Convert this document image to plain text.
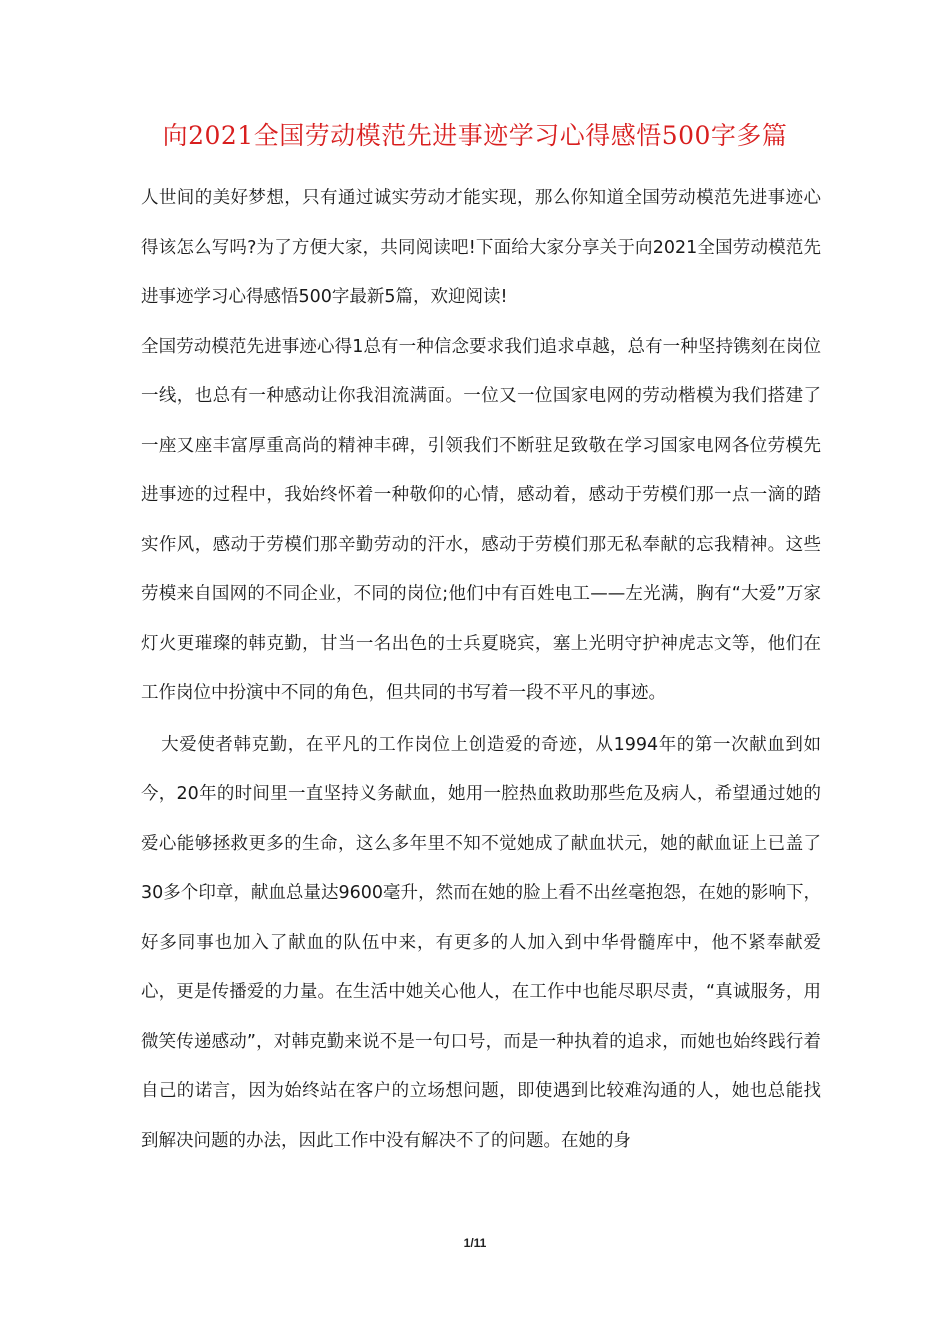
向2021全国劳动模范先进事迹学习心得感悟500字多篇

人世间的美好梦想，只有通过诚实劳动才能实现，那么你知道全国劳动模范先进事迹心得该怎么写吗?为了方便大家，共同阅读吧!下面给大家分享关于向2021全国劳动模范先进事迹学习心得感悟500字最新5篇，欢迎阅读!

全国劳动模范先进事迹心得1总有一种信念要求我们追求卓越，总有一种坚持镌刻在岗位一线，也总有一种感动让你我泪流满面。一位又一位国家电网的劳动楷模为我们搭建了一座又座丰富厚重高尚的精神丰碑，引领我们不断驻足致敬在学习国家电网各位劳模先进事迹的过程中，我始终怀着一种敬仰的心情，感动着，感动于劳模们那一点一滴的踏实作风，感动于劳模们那辛勤劳动的汗水，感动于劳模们那无私奉献的忘我精神。这些劳模来自国网的不同企业，不同的岗位;他们中有百姓电工——左光满，胸有“大爱”万家灯火更璀璨的韩克勤，甘当一名出色的士兵夏晓宾，塞上光明守护神虎志文等，他们在工作岗位中扮演中不同的角色，但共同的书写着一段不平凡的事迹。

大爱使者韩克勤，在平凡的工作岗位上创造爱的奇迹，从1994年的第一次献血到如今，20年的时间里一直坚持义务献血，她用一腔热血救助那些危及病人，希望通过她的爱心能够拯救更多的生命，这么多年里不知不觉她成了献血状元，她的献血证上已盖了30多个印章，献血总量达9600毫升，然而在她的脸上看不出丝毫抱怨，在她的影响下，好多同事也加入了献血的队伍中来，有更多的人加入到中华骨髓库中，他不紧奉献爱心，更是传播爱的力量。在生活中她关心他人，在工作中也能尽职尽责，“真诚服务，用微笑传递感动”，对韩克勤来说不是一句口号，而是一种执着的追求，而她也始终践行着自己的诺言，因为始终站在客户的立场想问题，即使遇到比较难沟通的人，她也总能找到解决问题的办法，因此工作中没有解决不了的问题。在她的身

1/11
